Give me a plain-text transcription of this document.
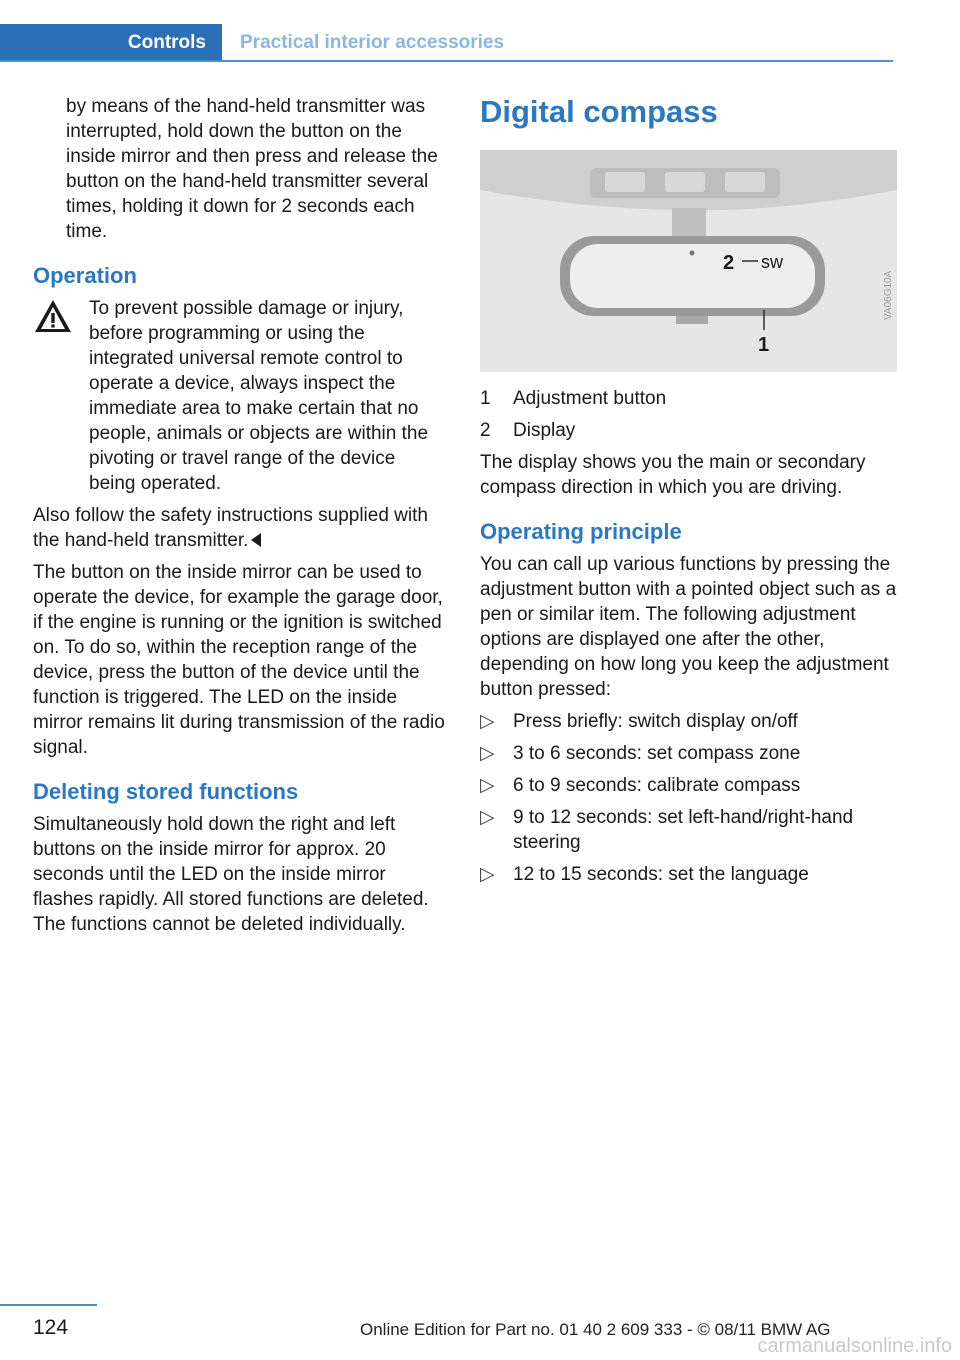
Controls	Practical interior accessories

by means of the hand-held transmitter was interrupted, hold down the button on the inside mirror and then press and release the button on the hand-held transmitter several times, holding it down for 2 seconds each time.

Operation

To prevent possible damage or injury, before programming or using the integrated universal remote control to operate a device, always inspect the immediate area to make certain that no people, animals or objects are within the pivoting or travel range of the device being operated.

Also follow the safety instructions supplied with the hand-held transmitter.

The button on the inside mirror can be used to operate the device, for example the garage door, if the engine is running or the ignition is switched on. To do so, within the reception range of the device, press the button of the device until the function is triggered. The LED on the inside mirror remains lit during transmission of the radio signal.

Deleting stored functions

Simultaneously hold down the right and left buttons on the inside mirror for approx. 20 seconds until the LED on the inside mirror flashes rapidly. All stored functions are deleted. The functions cannot be deleted individually.

Digital compass
2 sw
1
VA06G10A
1	Adjustment button
2	Display

The display shows you the main or secondary compass direction in which you are driving.

Operating principle

You can call up various functions by pressing the adjustment button with a pointed object such as a pen or similar item. The following adjustment options are displayed one after the other, depending on how long you keep the adjustment button pressed:

▷ Press briefly: switch display on/off
▷ 3 to 6 seconds: set compass zone
▷ 6 to 9 seconds: calibrate compass
▷ 9 to 12 seconds: set left-hand/right-hand steering
▷ 12 to 15 seconds: set the language
124	Online Edition for Part no. 01 40 2 609 333 - © 08/11 BMW AG
carmanualsonline.info
